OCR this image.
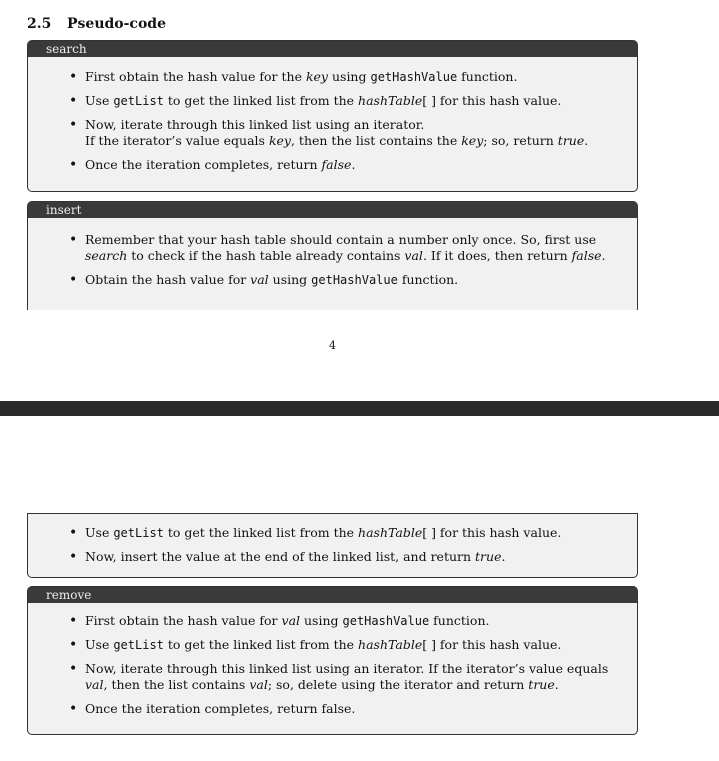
2.5 Pseudo-code
search
• First obtain the hash value for the key using getHashValue function.
• Use getList to get the linked list from the hashTable[ ] for this hash value.
• Now, iterate through this linked list using an iterator.
If the iterator’s value equals key, then the list contains the key; so, return true.
• Once the iteration completes, return false.
insert
• Remember that your hash table should contain a number only once. So, first use
search to check if the hash table already contains val. If it does, then return false.
• Obtain the hash value for val using getHashValue function.
4
• Use getList to get the linked list from the hashTable[ ] for this hash value.
• Now, insert the value at the end of the linked list, and return true.
remove
• First obtain the hash value for val using getHashValue function.
• Use getList to get the linked list from the hashTable[ ] for this hash value.
• Now, iterate through this linked list using an iterator. If the iterator’s value equals
val, then the list contains val; so, delete using the iterator and return true.
• Once the iteration completes, return false.
